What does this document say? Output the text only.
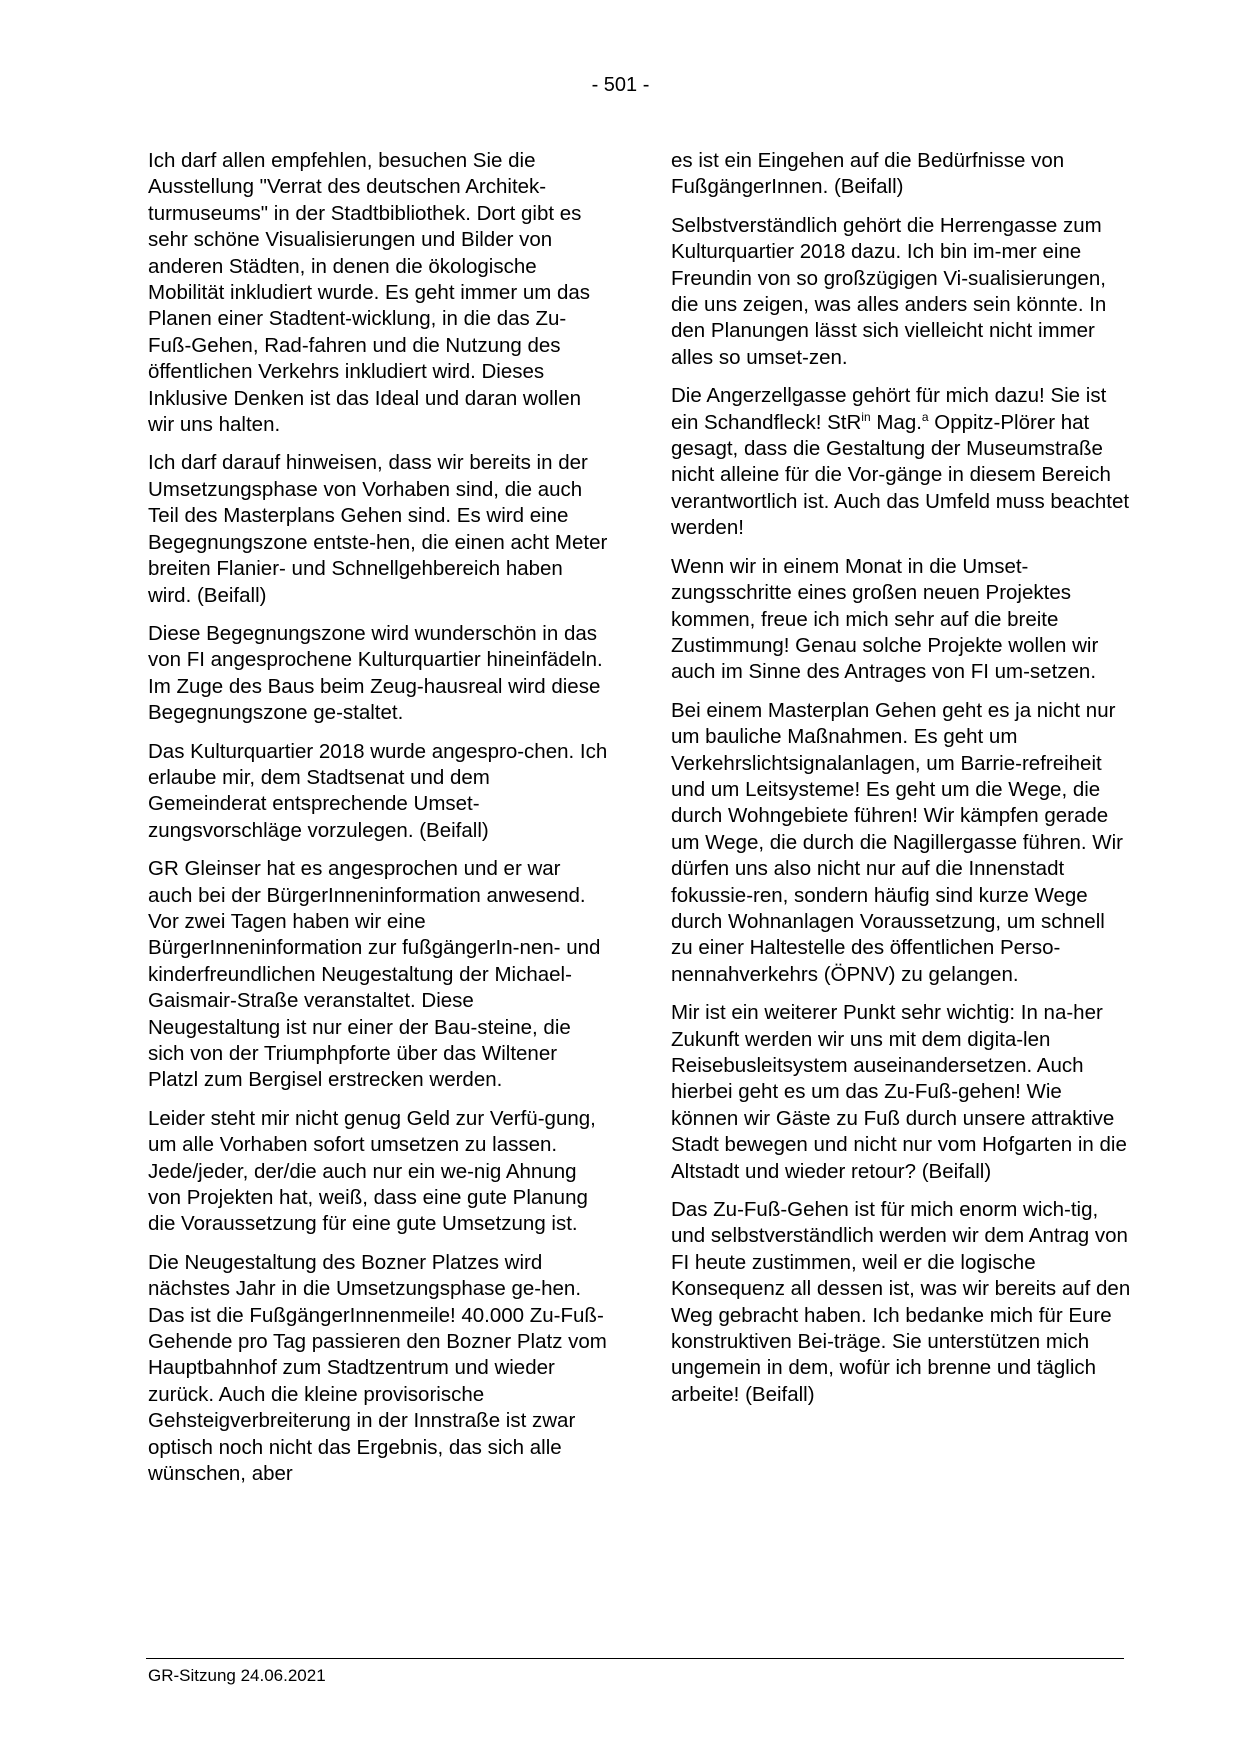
- 501 -

Ich darf allen empfehlen, besuchen Sie die Ausstellung "Verrat des deutschen Architek-turmuseums" in der Stadtbibliothek. Dort gibt es sehr schöne Visualisierungen und Bilder von anderen Städten, in denen die ökologische Mobilität inkludiert wurde. Es geht immer um das Planen einer Stadtent-wicklung, in die das Zu-Fuß-Gehen, Rad-fahren und die Nutzung des öffentlichen Verkehrs inkludiert wird. Dieses Inklusive Denken ist das Ideal und daran wollen wir uns halten.

Ich darf darauf hinweisen, dass wir bereits in der Umsetzungsphase von Vorhaben sind, die auch Teil des Masterplans Gehen sind. Es wird eine Begegnungszone entste-hen, die einen acht Meter breiten Flanier- und Schnellgehbereich haben wird. (Beifall)

Diese Begegnungszone wird wunderschön in das von FI angesprochene Kulturquartier hineinfädeln. Im Zuge des Baus beim Zeug-hausreal wird diese Begegnungszone ge-staltet.

Das Kulturquartier 2018 wurde angespro-chen. Ich erlaube mir, dem Stadtsenat und dem Gemeinderat entsprechende Umset-zungsvorschläge vorzulegen. (Beifall)

GR Gleinser hat es angesprochen und er war auch bei der BürgerInneninformation anwesend. Vor zwei Tagen haben wir eine BürgerInneninformation zur fußgängerIn-nen- und kinderfreundlichen Neugestaltung der Michael-Gaismair-Straße veranstaltet. Diese Neugestaltung ist nur einer der Bau-steine, die sich von der Triumphpforte über das Wiltener Platzl zum Bergisel erstrecken werden.

Leider steht mir nicht genug Geld zur Verfü-gung, um alle Vorhaben sofort umsetzen zu lassen. Jede/jeder, der/die auch nur ein we-nig Ahnung von Projekten hat, weiß, dass eine gute Planung die Voraussetzung für eine gute Umsetzung ist.

Die Neugestaltung des Bozner Platzes wird nächstes Jahr in die Umsetzungsphase ge-hen. Das ist die FußgängerInnenmeile! 40.000 Zu-Fuß-Gehende pro Tag passieren den Bozner Platz vom Hauptbahnhof zum Stadtzentrum und wieder zurück. Auch die kleine provisorische Gehsteigverbreiterung in der Innstraße ist zwar optisch noch nicht das Ergebnis, das sich alle wünschen, aber

es ist ein Eingehen auf die Bedürfnisse von FußgängerInnen. (Beifall)

Selbstverständlich gehört die Herrengasse zum Kulturquartier 2018 dazu. Ich bin im-mer eine Freundin von so großzügigen Vi-sualisierungen, die uns zeigen, was alles anders sein könnte. In den Planungen lässt sich vielleicht nicht immer alles so umset-zen.

Die Angerzellgasse gehört für mich dazu! Sie ist ein Schandfleck! StR$^{in}$ Mag.$^a$ Oppitz-Plörer hat gesagt, dass die Gestaltung der Museumstraße nicht alleine für die Vor-gänge in diesem Bereich verantwortlich ist. Auch das Umfeld muss beachtet werden!

Wenn wir in einem Monat in die Umset-zungsschritte eines großen neuen Projektes kommen, freue ich mich sehr auf die breite Zustimmung! Genau solche Projekte wollen wir auch im Sinne des Antrages von FI um-setzen.

Bei einem Masterplan Gehen geht es ja nicht nur um bauliche Maßnahmen. Es geht um Verkehrslichtsignalanlagen, um Barrie-refreiheit und um Leitsysteme! Es geht um die Wege, die durch Wohngebiete führen! Wir kämpfen gerade um Wege, die durch die Nagillergasse führen. Wir dürfen uns also nicht nur auf die Innenstadt fokussie-ren, sondern häufig sind kurze Wege durch Wohnanlagen Voraussetzung, um schnell zu einer Haltestelle des öffentlichen Perso-nennahverkehrs (ÖPNV) zu gelangen.

Mir ist ein weiterer Punkt sehr wichtig: In na-her Zukunft werden wir uns mit dem digita-len Reisebusleitsystem auseinandersetzen. Auch hierbei geht es um das Zu-Fuß-gehen! Wie können wir Gäste zu Fuß durch unsere attraktive Stadt bewegen und nicht nur vom Hofgarten in die Altstadt und wieder retour? (Beifall)

Das Zu-Fuß-Gehen ist für mich enorm wich-tig, und selbstverständlich werden wir dem Antrag von FI heute zustimmen, weil er die logische Konsequenz all dessen ist, was wir bereits auf den Weg gebracht haben. Ich bedanke mich für Eure konstruktiven Bei-träge. Sie unterstützen mich ungemein in dem, wofür ich brenne und täglich arbeite! (Beifall)

GR-Sitzung 24.06.2021
